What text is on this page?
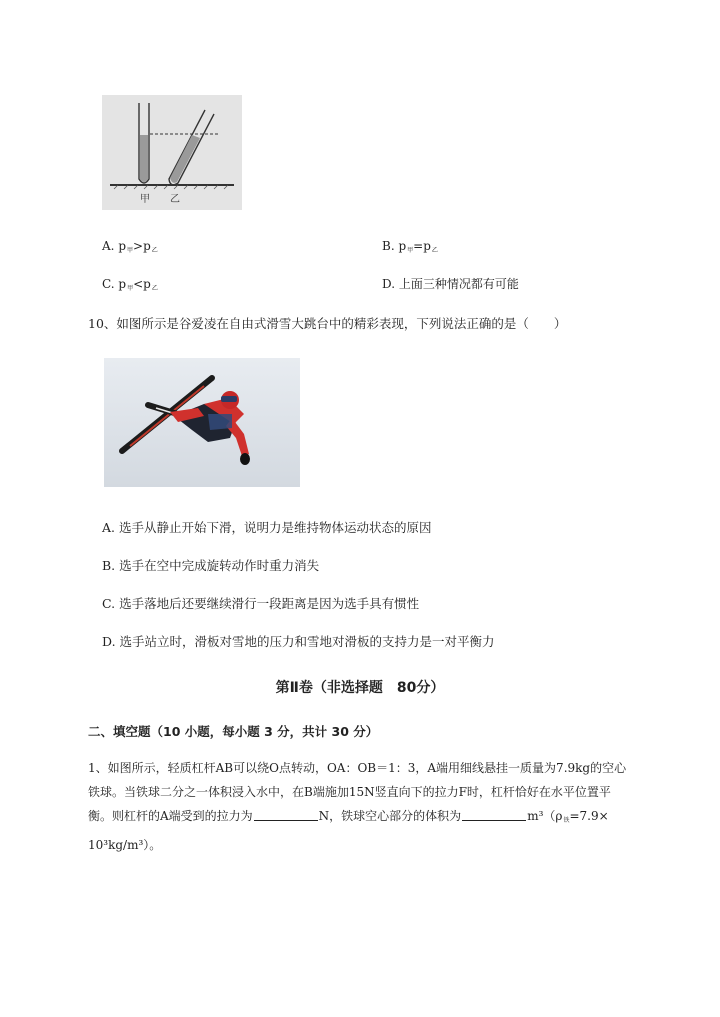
甲 乙
A. $p_甲>p_乙$	B. $p_甲=p_乙$
C. $p_甲<p_乙$	D. 上面三种情况都有可能
10、如图所示是谷爱凌在自由式滑雪大跳台中的精彩表现，下列说法正确的是（　　）
A. 选手从静止开始下滑，说明力是维持物体运动状态的原因
B. 选手在空中完成旋转动作时重力消失
C. 选手落地后还要继续滑行一段距离是因为选手具有惯性
D. 选手站立时，滑板对雪地的压力和雪地对滑板的支持力是一对平衡力
第Ⅱ卷（非选择题　80分）
二、填空题（10 小题，每小题 3 分，共计 30 分）
1、如图所示，轻质杠杆AB可以绕O点转动，OA：OB＝1：3，A端用细线悬挂一质量为7.9kg的空心
铁球。当铁球二分之一体积浸入水中，在B端施加15N竖直向下的拉力F时，杠杆恰好在水平位置平
衡。则杠杆的A端受到的拉力为	N，铁球空心部分的体积为	$m^3(\rho_铁=7.9\times$
10³kg/m³）。
